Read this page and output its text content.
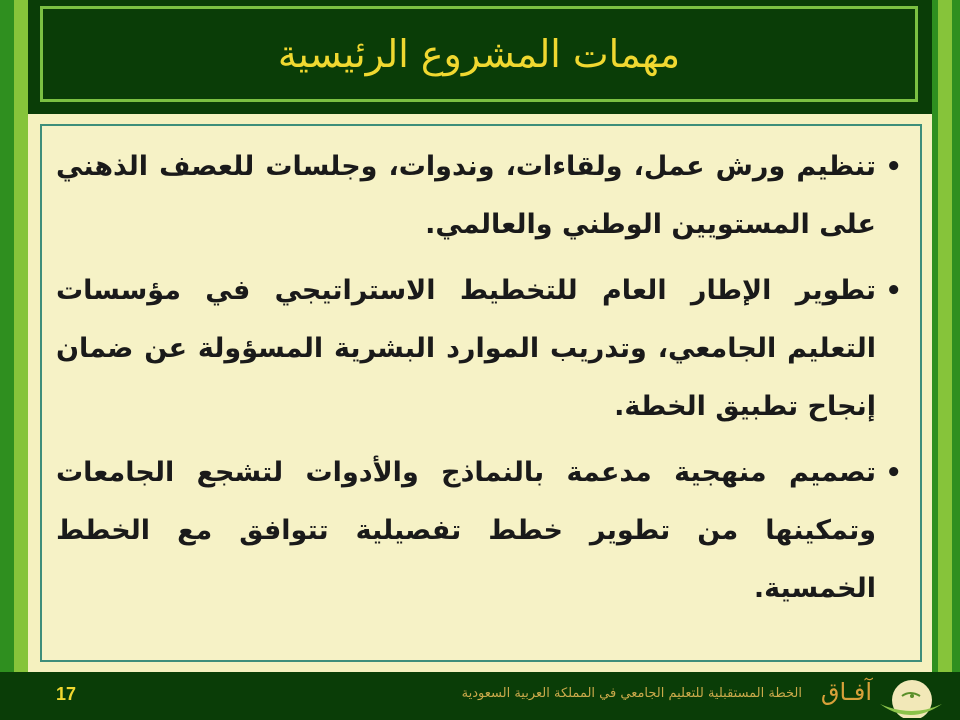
مهمات المشروع الرئيسية
•
تنظيم ورش عمل، ولقاءات، وندوات، وجلسات للعصف الذهني على المستويين الوطني والعالمي.
•
تطوير الإطار العام للتخطيط الاستراتيجي في مؤسسات التعليم الجامعي، وتدريب الموارد البشرية المسؤولة عن ضمان إنجاح تطبيق الخطة.
•
تصميم منهجية مدعمة بالنماذج والأدوات لتشجع الجامعات وتمكينها من تطوير خطط تفصيلية تتوافق مع الخطط الخمسية.
17	الخطة المستقبلية للتعليم الجامعي في المملكة العربية السعودية آفـاق
